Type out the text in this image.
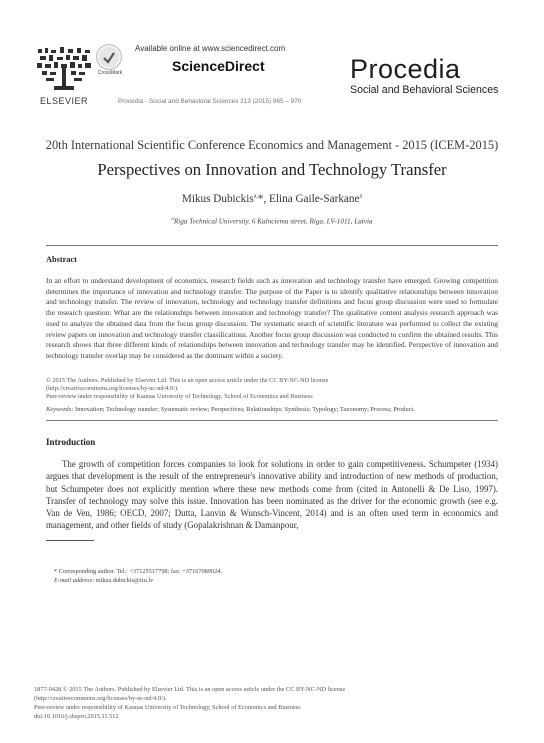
ELSEVIER
CrossMark
Available online at www.sciencedirect.com
ScienceDirect
Procedia - Social and Behavioral Sciences 213 (2015) 965 – 970
Procedia
Social and Behavioral Sciences
20th International Scientific Conference Economics and Management - 2015 (ICEM-2015)
Perspectives on Innovation and Technology Transfer
Mikus Dubickis$^{a,}$*, Elina Gaile-Sarkane$^a$
$^a$Riga Technical University, 6 Kalnciema street, Riga, LV-1011, Latvia
Abstract
In an effort to understand development of economics, research fields such as innovation and technology transfer have emerged. Growing competition determines the importance of innovation and technology transfer. The purpose of the Paper is to identify qualitative relationships between innovation and technology transfer. The review of innovation, technology and technology transfer definitions and focus group discussion were used to formulate the research question: What are the relationships between innovation and technology transfer? The qualitative content analysis research approach was used to analyze the obtained data from the focus group discussion. The systematic search of scientific literature was performed to collect the existing review papers on innovation and technology transfer classifications. Another focus group discussion was conducted to confirm the obtained results. This research shows that three different kinds of relationships between innovation and technology transfer may be identified. Perspective of innovation and technology transfer overlap may be considered as the dominant within a society.
© 2015 The Authors. Published by Elsevier Ltd. This is an open access article under the CC BY-NC-ND license
(http://creativecommons.org/licenses/by-nc-nd/4.0/).
Peer-review under responsibility of Kaunas University of Technology, School of Economics and Business
Keywords: Innovation; Technology transfer; Systematic review; Perspectives; Relationships; Synthesis; Typology; Taxonomy; Process; Product.
Introduction

The growth of competition forces companies to look for solutions in order to gain competitiveness. Schumpeter (1934) argues that development is the result of the entrepreneur's innovative ability and introduction of new methods of production, but Schumpeter does not explicitly mention where these new methods come from (cited in Antonelli & De Liso, 1997). Transfer of technology may solve this issue. Innovation has been nominated as the driver for the economic growth (see e.g. Van de Ven, 1986; OECD, 2007; Dutta, Lanvin & Wunsch-Vincent, 2014) and is an often used term in economics and management, and other fields of study (Gopalakrishnan & Damanpour,

* Corresponding author. Tel.: +37125517798; fax: +37167089024.
E-mail address: mikus.dubickis@rtu.lv
1877-0428 © 2015 The Authors. Published by Elsevier Ltd. This is an open access article under the CC BY-NC-ND license
(http://creativecommons.org/licenses/by-nc-nd/4.0/).
Peer-review under responsibility of Kaunas University of Technology, School of Economics and Business
doi:10.1016/j.sbspro.2015.11.512
